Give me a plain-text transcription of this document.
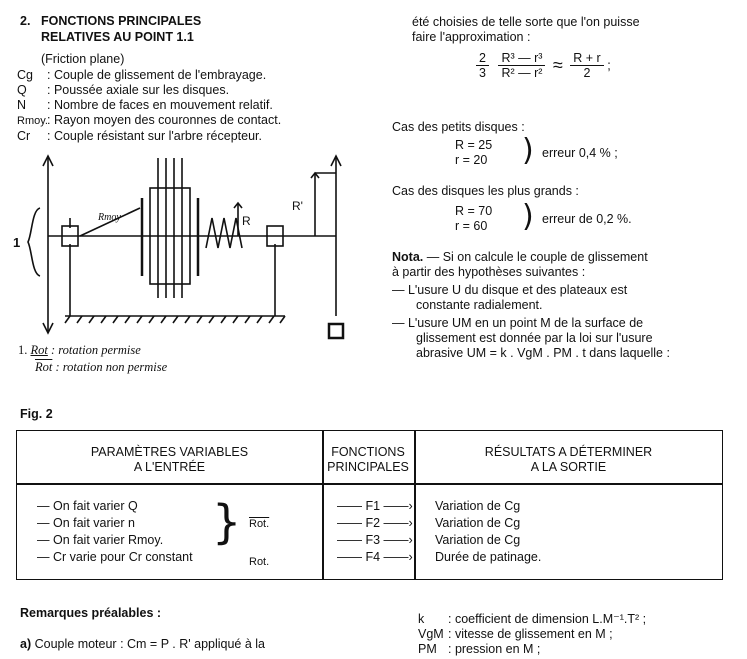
2. FONCTIONS PRINCIPALES
RELATIVES AU POINT 1.1
(Friction plane)
Cg : Couple de glissement de l'embrayage.
Q : Poussée axiale sur les disques.
N : Nombre de faces en mouvement relatif.
Rmoy.: Rayon moyen des couronnes de contact.
Cr : Couple résistant sur l'arbre récepteur.
Rmoy	R
R'
1
1. Rot : rotation permise
$\overline{Rot}$ : rotation non permise
été choisies de telle sorte que l'on puisse
faire l'approximation :
$\frac{2}{3}$
$\frac{\text{R³ — r³}}{\text{R² — r²}} \approx \frac{R + r}{2}$ ;
Cas des petits disques :
R = 25
r = 20 ) erreur 0,4 % ;
Cas des disques les plus grands :
R = 70
r = 60 ) erreur de 0,2 %.
Nota. — Si on calcule le couple de glissement
à partir des hypothèses suivantes :
— L'usure U du disque et des plateaux est
constante radialement.
— L'usure UM en un point M de la surface de
glissement est donnée par la loi sur l'usure
abrasive UM = k . VgM . PM . t dans laquelle :
Fig. 2
PARAMÈTRES VARIABLES
A L'ENTRÉE
FONCTIONS
PRINCIPALES
RÉSULTATS A DÉTERMINER
A LA SORTIE
— On fait varier Q
— On fait varier n
— On fait varier Rmoy.
— Cr varie pour Cr constant
} Rot.
Rot.
—— F1 ——›
—— F2 ——›
—— F3 ——›
—— F4 ——›
Variation de Cg
Variation de Cg
Variation de Cg
Durée de patinage.
Remarques préalables :
a) Couple moteur : Cm = P . R' appliqué à la
k : coefficient de dimension L.M⁻¹.T² ;
VgM : vitesse de glissement en M ;
PM : pression en M ;
